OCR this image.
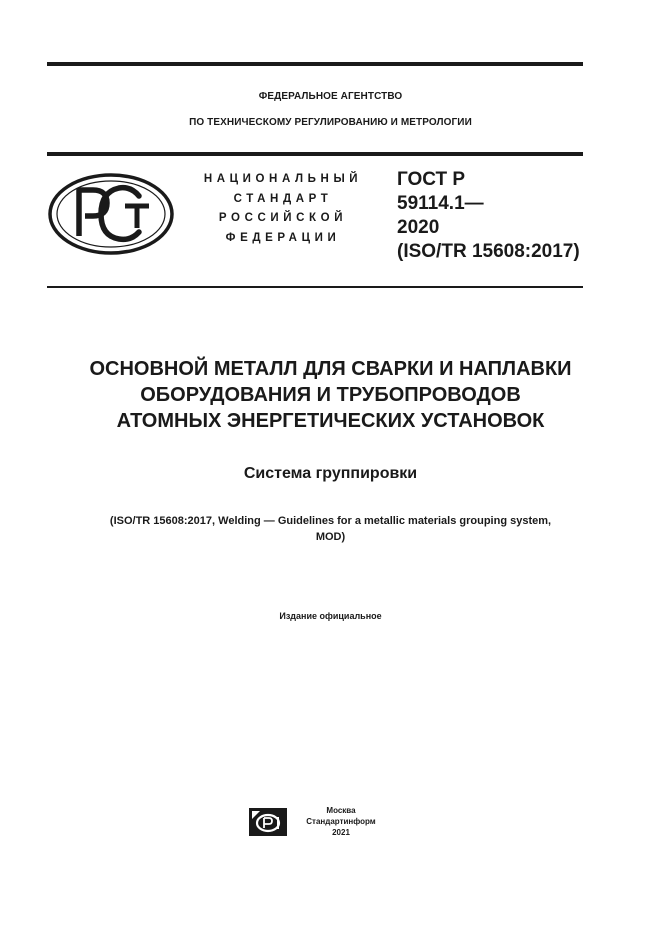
ФЕДЕРАЛЬНОЕ АГЕНТСТВО
ПО ТЕХНИЧЕСКОМУ РЕГУЛИРОВАНИЮ И МЕТРОЛОГИИ
НАЦИОНАЛЬНЫЙ
СТАНДАРТ
РОССИЙСКОЙ
ФЕДЕРАЦИИ
ГОСТ Р
59114.1—
2020
(ISO/TR 15608:2017)
ОСНОВНОЙ МЕТАЛЛ ДЛЯ СВАРКИ И НАПЛАВКИ
ОБОРУДОВАНИЯ И ТРУБОПРОВОДОВ
АТОМНЫХ ЭНЕРГЕТИЧЕСКИХ УСТАНОВОК
Система группировки
(ISO/TR 15608:2017, Welding — Guidelines for a metallic materials grouping system,
MOD)
Издание официальное
Москва
Стандартинформ
2021
